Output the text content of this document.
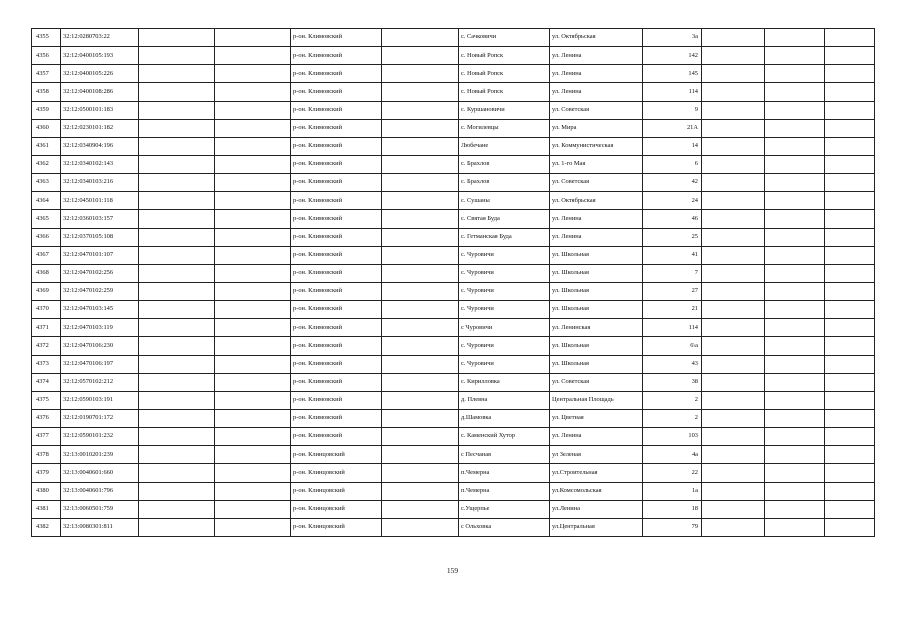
4355	32:12:0280703:22			р-он. Климовский		с. Сачковичи	ул. Октябрьская	3а			
4356	32:12:0400105:193			р-он. Климовский		с. Новый Ропск	ул. Ленина	142			
4357	32:12:0400105:226			р-он. Климовский		с. Новый Ропск	ул. Ленина	145			
4358	32:12:0400108:286			р-он. Климовский		с. Новый Ропск	ул. Ленина	114			
4359	32:12:0500101:183			р-он. Климовский		с. Куршановичи	ул. Советская	9			
4360	32:12:0230101:182			р-он. Климовский		с. Могилевцы	ул. Мира	21А			
4361	32:12:0340904:196			р-он. Климовский		Любечане	ул. Коммунистическая	14			
4362	32:12:0340102:143			р-он. Климовский		с. Брахлов	ул. 1-го Мая	6			
4363	32:12:0340103:216			р-он. Климовский		с. Брахлов	ул. Советская	42			
4364	32:12:0450101:118			р-он. Климовский		с. Сушаны	ул. Октябрьская	24			
4365	32:12:0360103:157			р-он. Климовский		с. Святая Буда	ул. Ленина	46			
4366	32:12:0370105:108			р-он. Климовский		с. Гетманская Буда	ул. Ленина	25			
4367	32:12:0470101:107			р-он. Климовский		с. Чуровичи	ул. Школьная	41			
4368	32:12:0470102:256			р-он. Климовский		с. Чуровичи	ул. Школьная	7			
4369	32:12:0470102:259			р-он. Климовский		с. Чуровичи	ул. Школьная	27			
4370	32:12:0470103:145			р-он. Климовский		с. Чуровичи	ул. Школьная	21			
4371	32:12:0470103:119			р-он. Климовский		с Чуровичи	ул. Ленинская	114			
4372	32:12:0470106:230			р-он. Климовский		с. Чуровичи	ул. Школьная	6\а			
4373	32:12:0470106:197			р-он. Климовский		с. Чуровичи	ул. Школьная	43			
4374	32:12:0570102:212			р-он. Климовский		с. Кирилловка	ул. Советская	38			
4375	32:12:0590103:191			р-он. Климовский		д. Плевна	Центральная Площадь	2			
4376	32:12:0190701:172			р-он. Климовский		д.Шамовка	ул. Цветная	2			
4377	32:12:0590101:232			р-он. Климовский		с. Каменский Хутор	ул. Ленина	103			
4378	32:13:0010201:239			р-он. Клинцовский		с Песчаная	ул Зеленая	4а			
4379	32:13:0040601:660			р-он. Клинцовский		п.Чемерна	ул.Строительная	22			
4380	32:13:0040601:796			р-он. Клинцовский		п.Чемерна	ул.Комсомольская	1а			
4381	32:13:0060501:759			р-он. Клинцовский		с.Ущерпье	ул.Ленина	18			
4382	32:13:0080301:811			р-он. Клинцовский		с Ольховка	ул.Центральная	79			
159
